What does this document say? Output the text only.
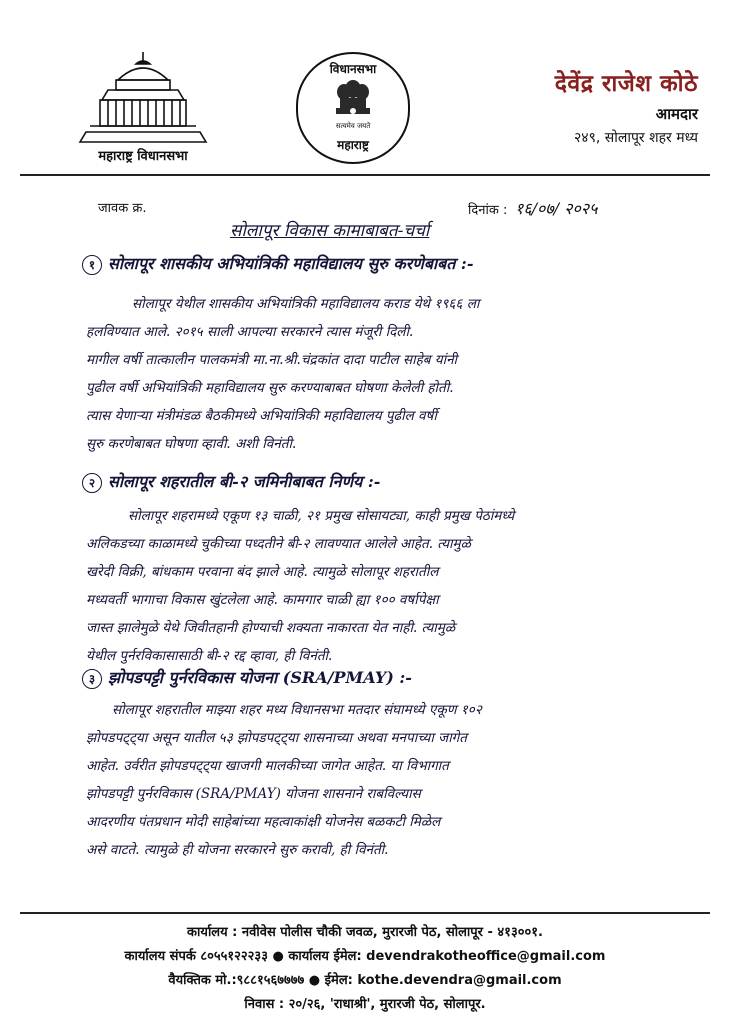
महाराष्ट्र विधानसभा
विधानसभा
सत्यमेव जयते
महाराष्ट्र
देवेंद्र राजेश कोठे
आमदार
२४९, सोलापूर शहर मध्य
जावक क्र.	दिनांक : १६/०७/ २०२५
सोलापूर विकास कामाबाबत-चर्चा
१ सोलापूर शासकीय अभियांत्रिकी महाविद्यालय सुरु करणेबाबत :-
सोलापूर येथील शासकीय अभियांत्रिकी महाविद्यालय कराड येथे १९६६ ला
हलविण्यात आले. २०१५ साली आपल्या सरकारने त्यास मंजूरी दिली.
मागील वर्षी तात्कालीन पालकमंत्री मा.ना.श्री.चंद्रकांत दादा पाटील साहेब यांनी
पुढील वर्षी अभियांत्रिकी महाविद्यालय सुरु करण्याबाबत घोषणा केलेली होती.
त्यास येणाऱ्या मंत्रीमंडळ बैठकीमध्ये अभियांत्रिकी महाविद्यालय पुढील वर्षी
सुरु करणेबाबत घोषणा व्हावी. अशी विनंती.
२ सोलापूर शहरातील बी-२ जमिनीबाबत निर्णय :-
सोलापूर शहरामध्ये एकूण १३ चाळी, २१ प्रमुख सोसायट्या, काही प्रमुख पेठांमध्ये
अलिकडच्या काळामध्ये चुकीच्या पध्दतीने बी-२ लावण्यात आलेले आहेत. त्यामुळे
खरेदी विक्री, बांधकाम परवाना बंद झाले आहे. त्यामुळे सोलापूर शहरातील
मध्यवर्ती भागाचा विकास खुंटलेला आहे. कामगार चाळी ह्या १०० वर्षापेक्षा
जास्त झालेमुळे येथे जिवीतहानी होण्याची शक्यता नाकारता येत नाही. त्यामुळे
येथील पुर्नरविकासासाठी बी-२ रद्द व्हावा, ही विनंती.
३ झोपडपट्टी पुर्नरविकास योजना (SRA/PMAY) :-
सोलापूर शहरातील माझ्या शहर मध्य विधानसभा मतदार संघामध्ये एकूण १०२
झोपडपट्ट्या असून यातील ५३ झोपडपट्ट्या शासनाच्या अथवा मनपाच्या जागेत
आहेत. उर्वरीत झोपडपट्ट्या खाजगी मालकीच्या जागेत आहेत. या विभागात
झोपडपट्टी पुर्नरविकास (SRA/PMAY) योजना शासनाने राबविल्यास
आदरणीय पंतप्रधान मोदी साहेबांच्या महत्वाकांक्षी योजनेस बळकटी मिळेल
असे वाटते. त्यामुळे ही योजना सरकारने सुरु करावी, ही विनंती.
कार्यालय : नवीवेस पोलीस चौकी जवळ, मुरारजी पेठ, सोलापूर - ४१३००१.
कार्यालय संपर्क ८०५५१२२२३३ ● कार्यालय ईमेल: devendrakotheoffice@gmail.com
वैयक्तिक मो.:९८८१५६७७७७ ● ईमेल: kothe.devendra@gmail.com
निवास : २०/२६, 'राधाश्री', मुरारजी पेठ, सोलापूर.
